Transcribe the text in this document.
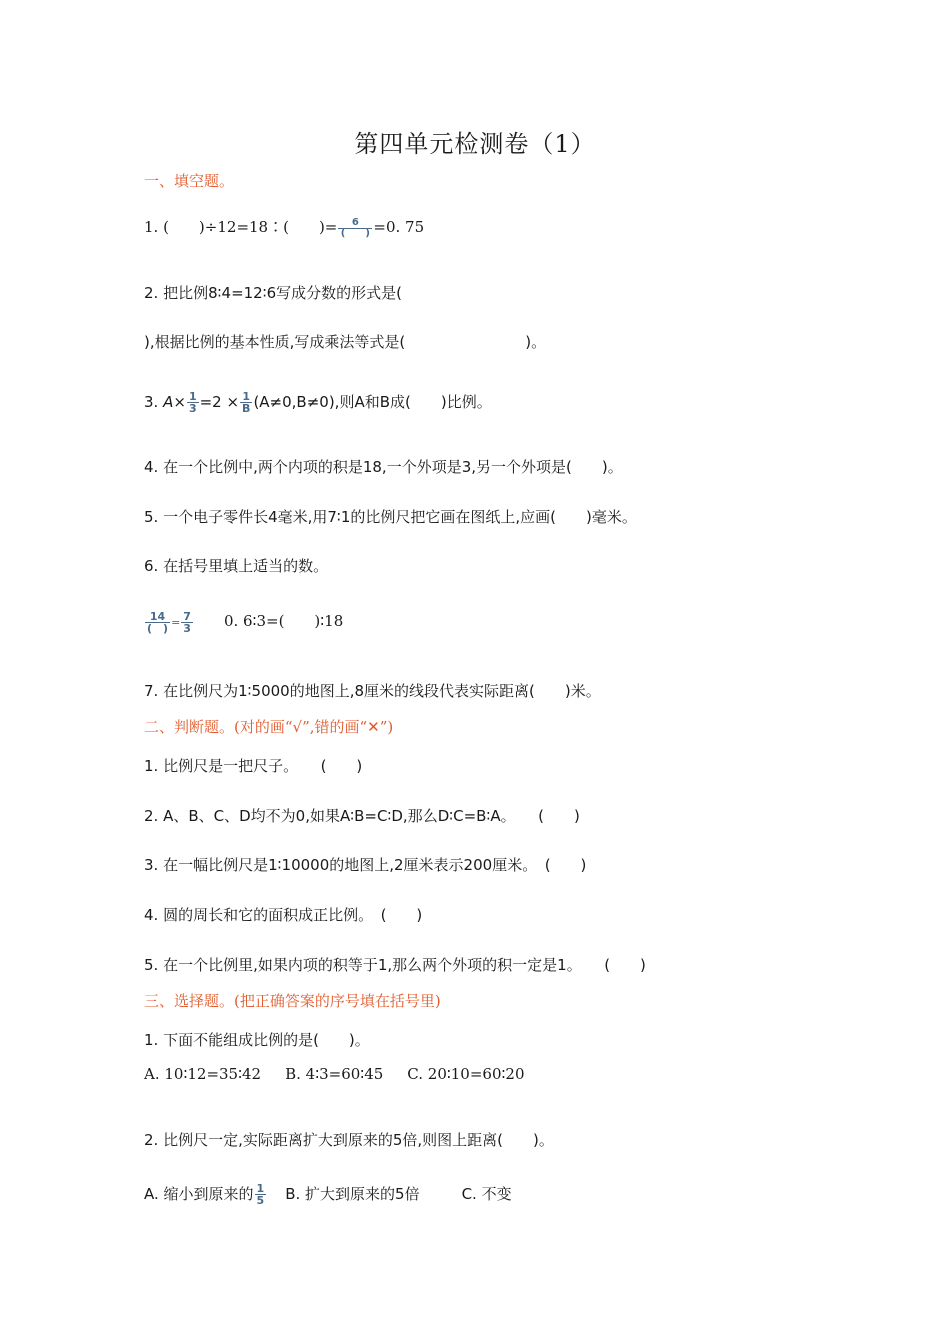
第四单元检测卷（1）
一、填空题。
1. (　　)÷12=18∶(　　)= $\frac{6}{( )} =0$. 75
2. 把比例8∶4=12∶6写成分数的形式是(
),根据比例的基本性质,写成乘法等式是(　　　　　　　　)。
3. $A\times \frac{1}{3} =2 \times \frac{1}{B} (A\ne 0,B\ne 0)$,则A和B成(　　)比例。
4. 在一个比例中,两个内项的积是18,一个外项是3,另一个外项是(　　)。
5. 一个电子零件长4毫米,用7∶1的比例尺把它画在图纸上,应画(　　)毫米。
6. 在括号里填上适当的数。
$\frac{14}{( )} = \frac{7}{3} 0$. 6∶3=(　　)∶18
7. 在比例尺为1∶5000的地图上,8厘米的线段代表实际距离(　　)米。
二、判断题。(对的画“√”,错的画“✕”)
1. 比例尺是一把尺子。　　(　　)
2. A、B、C、D均不为0,如果A∶B=C∶D,那么D∶C=B∶A。　　(　　)
3. 在一幅比例尺是1∶10000的地图上,2厘米表示200厘米。　(　　)
4. 圆的周长和它的面积成正比例。　(　　)
5. 在一个比例里,如果内项的积等于1,那么两个外项的积一定是1。　　(　　)
三、选择题。(把正确答案的序号填在括号里)
1. 下面不能组成比例的是(　　)。
A. 10∶12=35∶42 B. 4∶3=60∶45 C. 20∶10=60∶20
2. 比例尺一定,实际距离扩大到原来的5倍,则图上距离(　　)。
A. 缩小到原来的 $\frac{1}{5} B$. 扩大到原来的5倍	C. 不变
